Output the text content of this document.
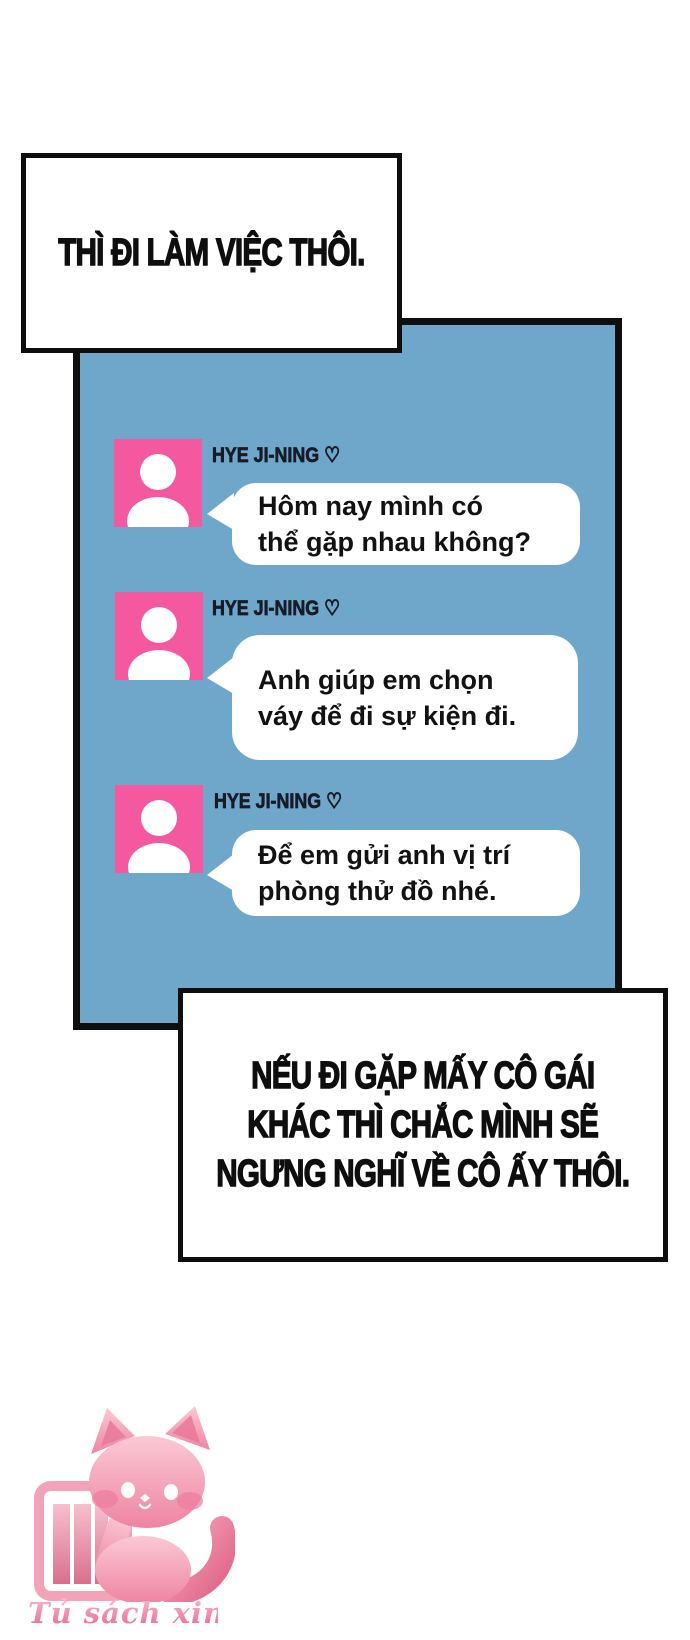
HYE JI-NING ♡
Hôm nay mình có
thể gặp nhau không?
HYE JI-NING ♡
Anh giúp em chọn
váy để đi sự kiện đi.
HYE JI-NING ♡
Để em gửi anh vị trí
phòng thử đồ nhé.
THÌ ĐI LÀM VIỆC THÔI.
NẾU ĐI GẶP MẤY CÔ GÁI
KHÁC THÌ CHẮC MÌNH SẼ
NGƯNG NGHĨ VỀ CÔ ẤY THÔI.
Tủ sách xinh xinh
